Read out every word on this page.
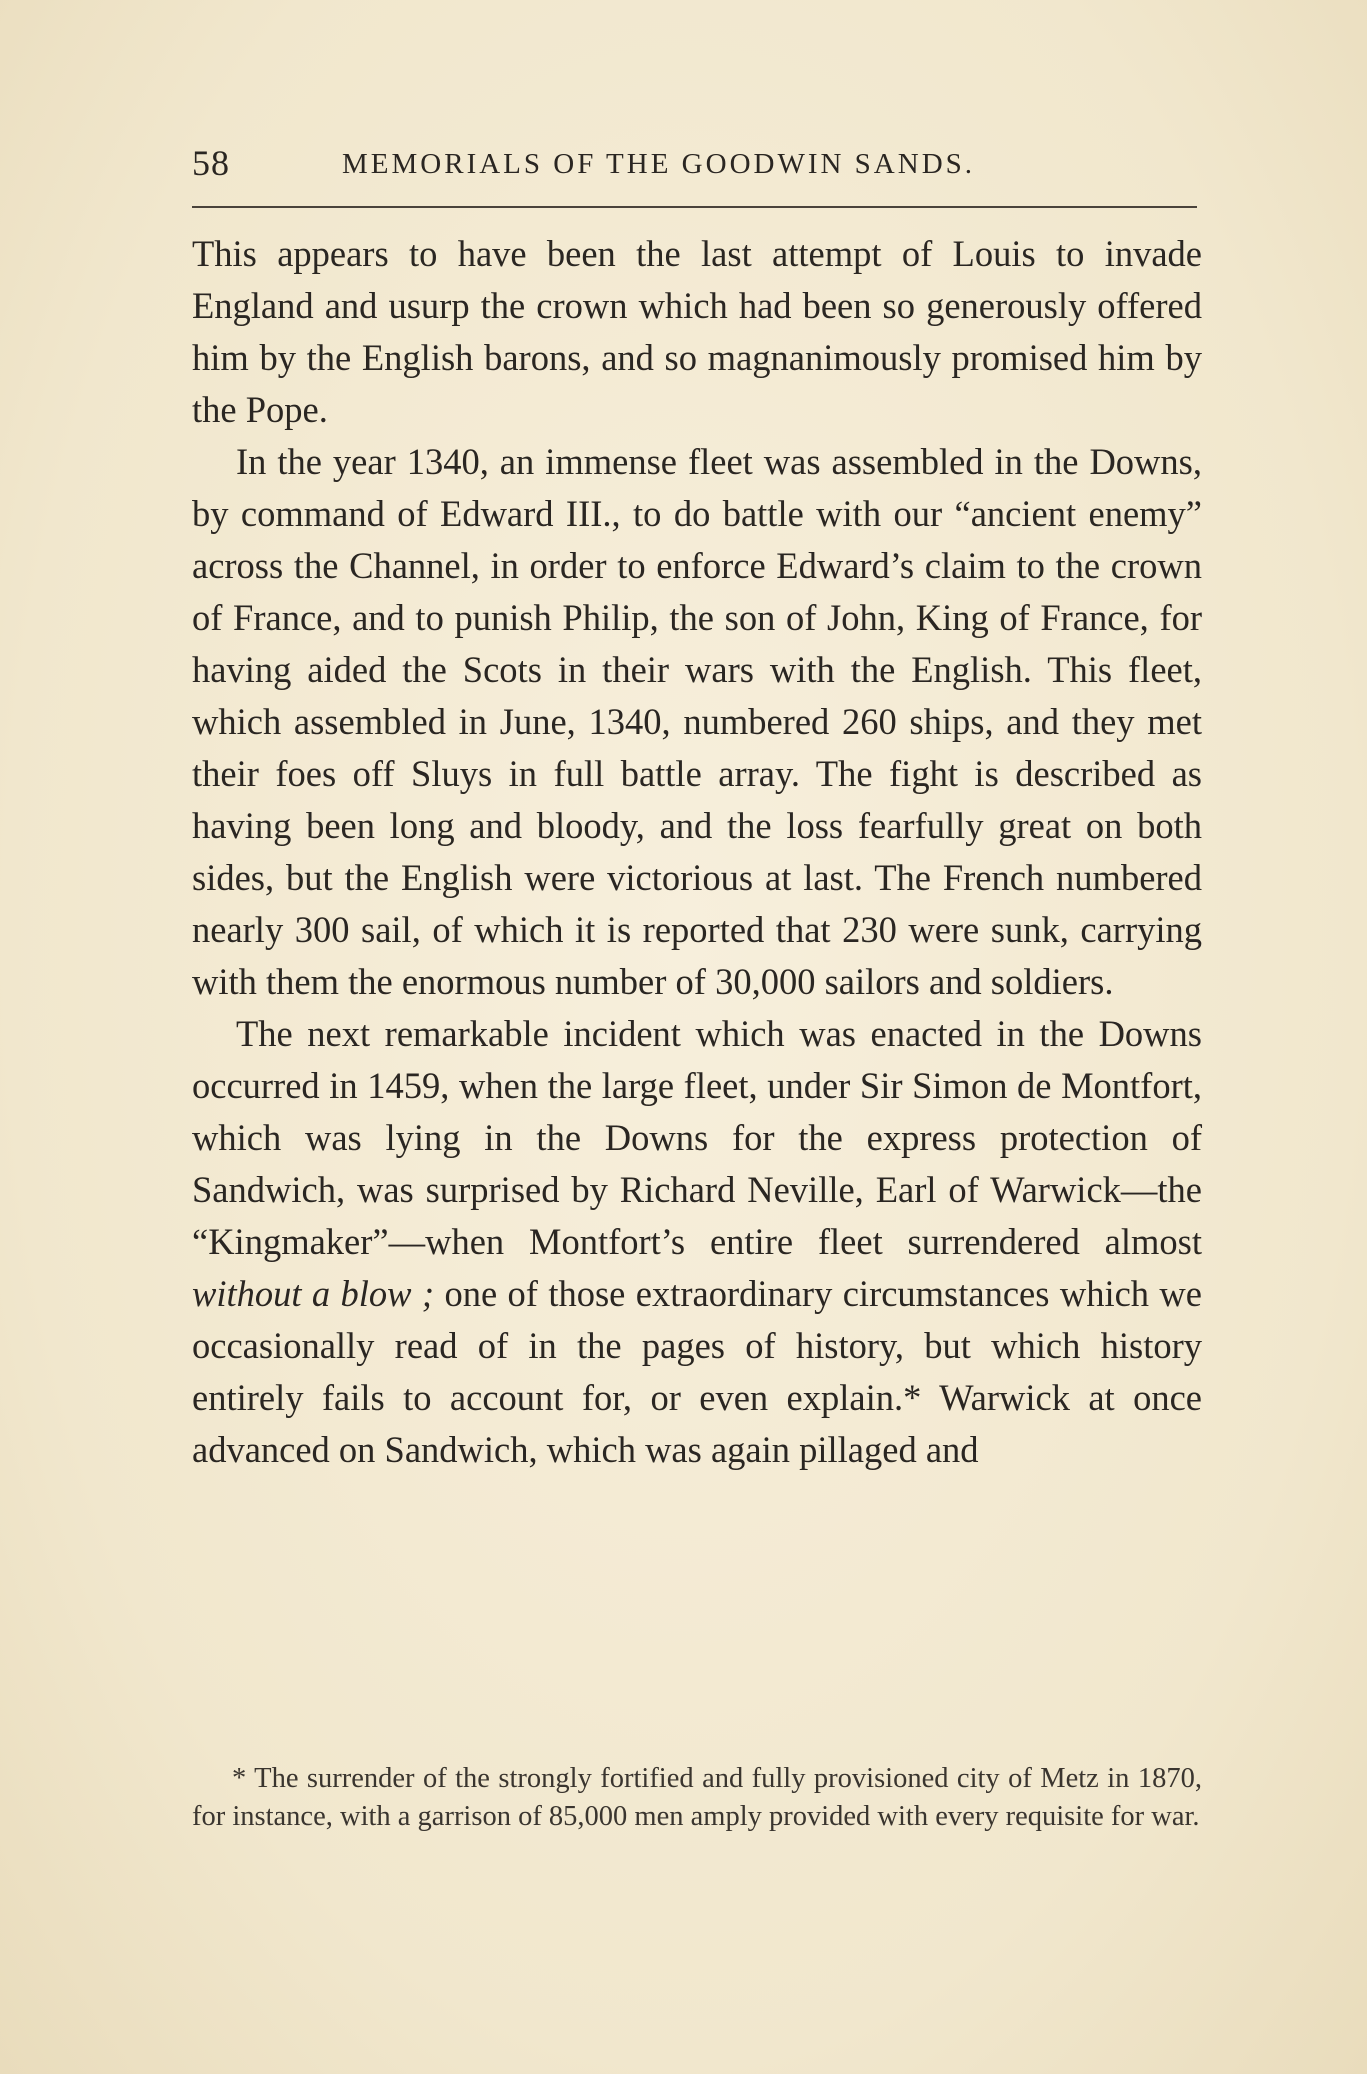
58	MEMORIALS OF THE GOODWIN SANDS.

This appears to have been the last attempt of Louis to invade England and usurp the crown which had been so generously offered him by the English barons, and so magnanimously promised him by the Pope.

In the year 1340, an immense fleet was assembled in the Downs, by command of Edward III., to do battle with our “ancient enemy” across the Channel, in order to enforce Edward’s claim to the crown of France, and to punish Philip, the son of John, King of France, for having aided the Scots in their wars with the English. This fleet, which assembled in June, 1340, numbered 260 ships, and they met their foes off Sluys in full battle array. The fight is described as having been long and bloody, and the loss fearfully great on both sides, but the English were victorious at last. The French numbered nearly 300 sail, of which it is reported that 230 were sunk, carrying with them the enormous number of 30,000 sailors and soldiers.

The next remarkable incident which was enacted in the Downs occurred in 1459, when the large fleet, under Sir Simon de Montfort, which was lying in the Downs for the express protection of Sandwich, was surprised by Richard Neville, Earl of Warwick—the “Kingmaker”—when Montfort’s entire fleet surrendered almost without a blow ; one of those extraordinary circumstances which we occasionally read of in the pages of history, but which history entirely fails to account for, or even explain.* Warwick at once advanced on Sandwich, which was again pillaged and

* The surrender of the strongly fortified and fully provisioned city of Metz in 1870, for instance, with a garrison of 85,000 men amply provided with every requisite for war.
